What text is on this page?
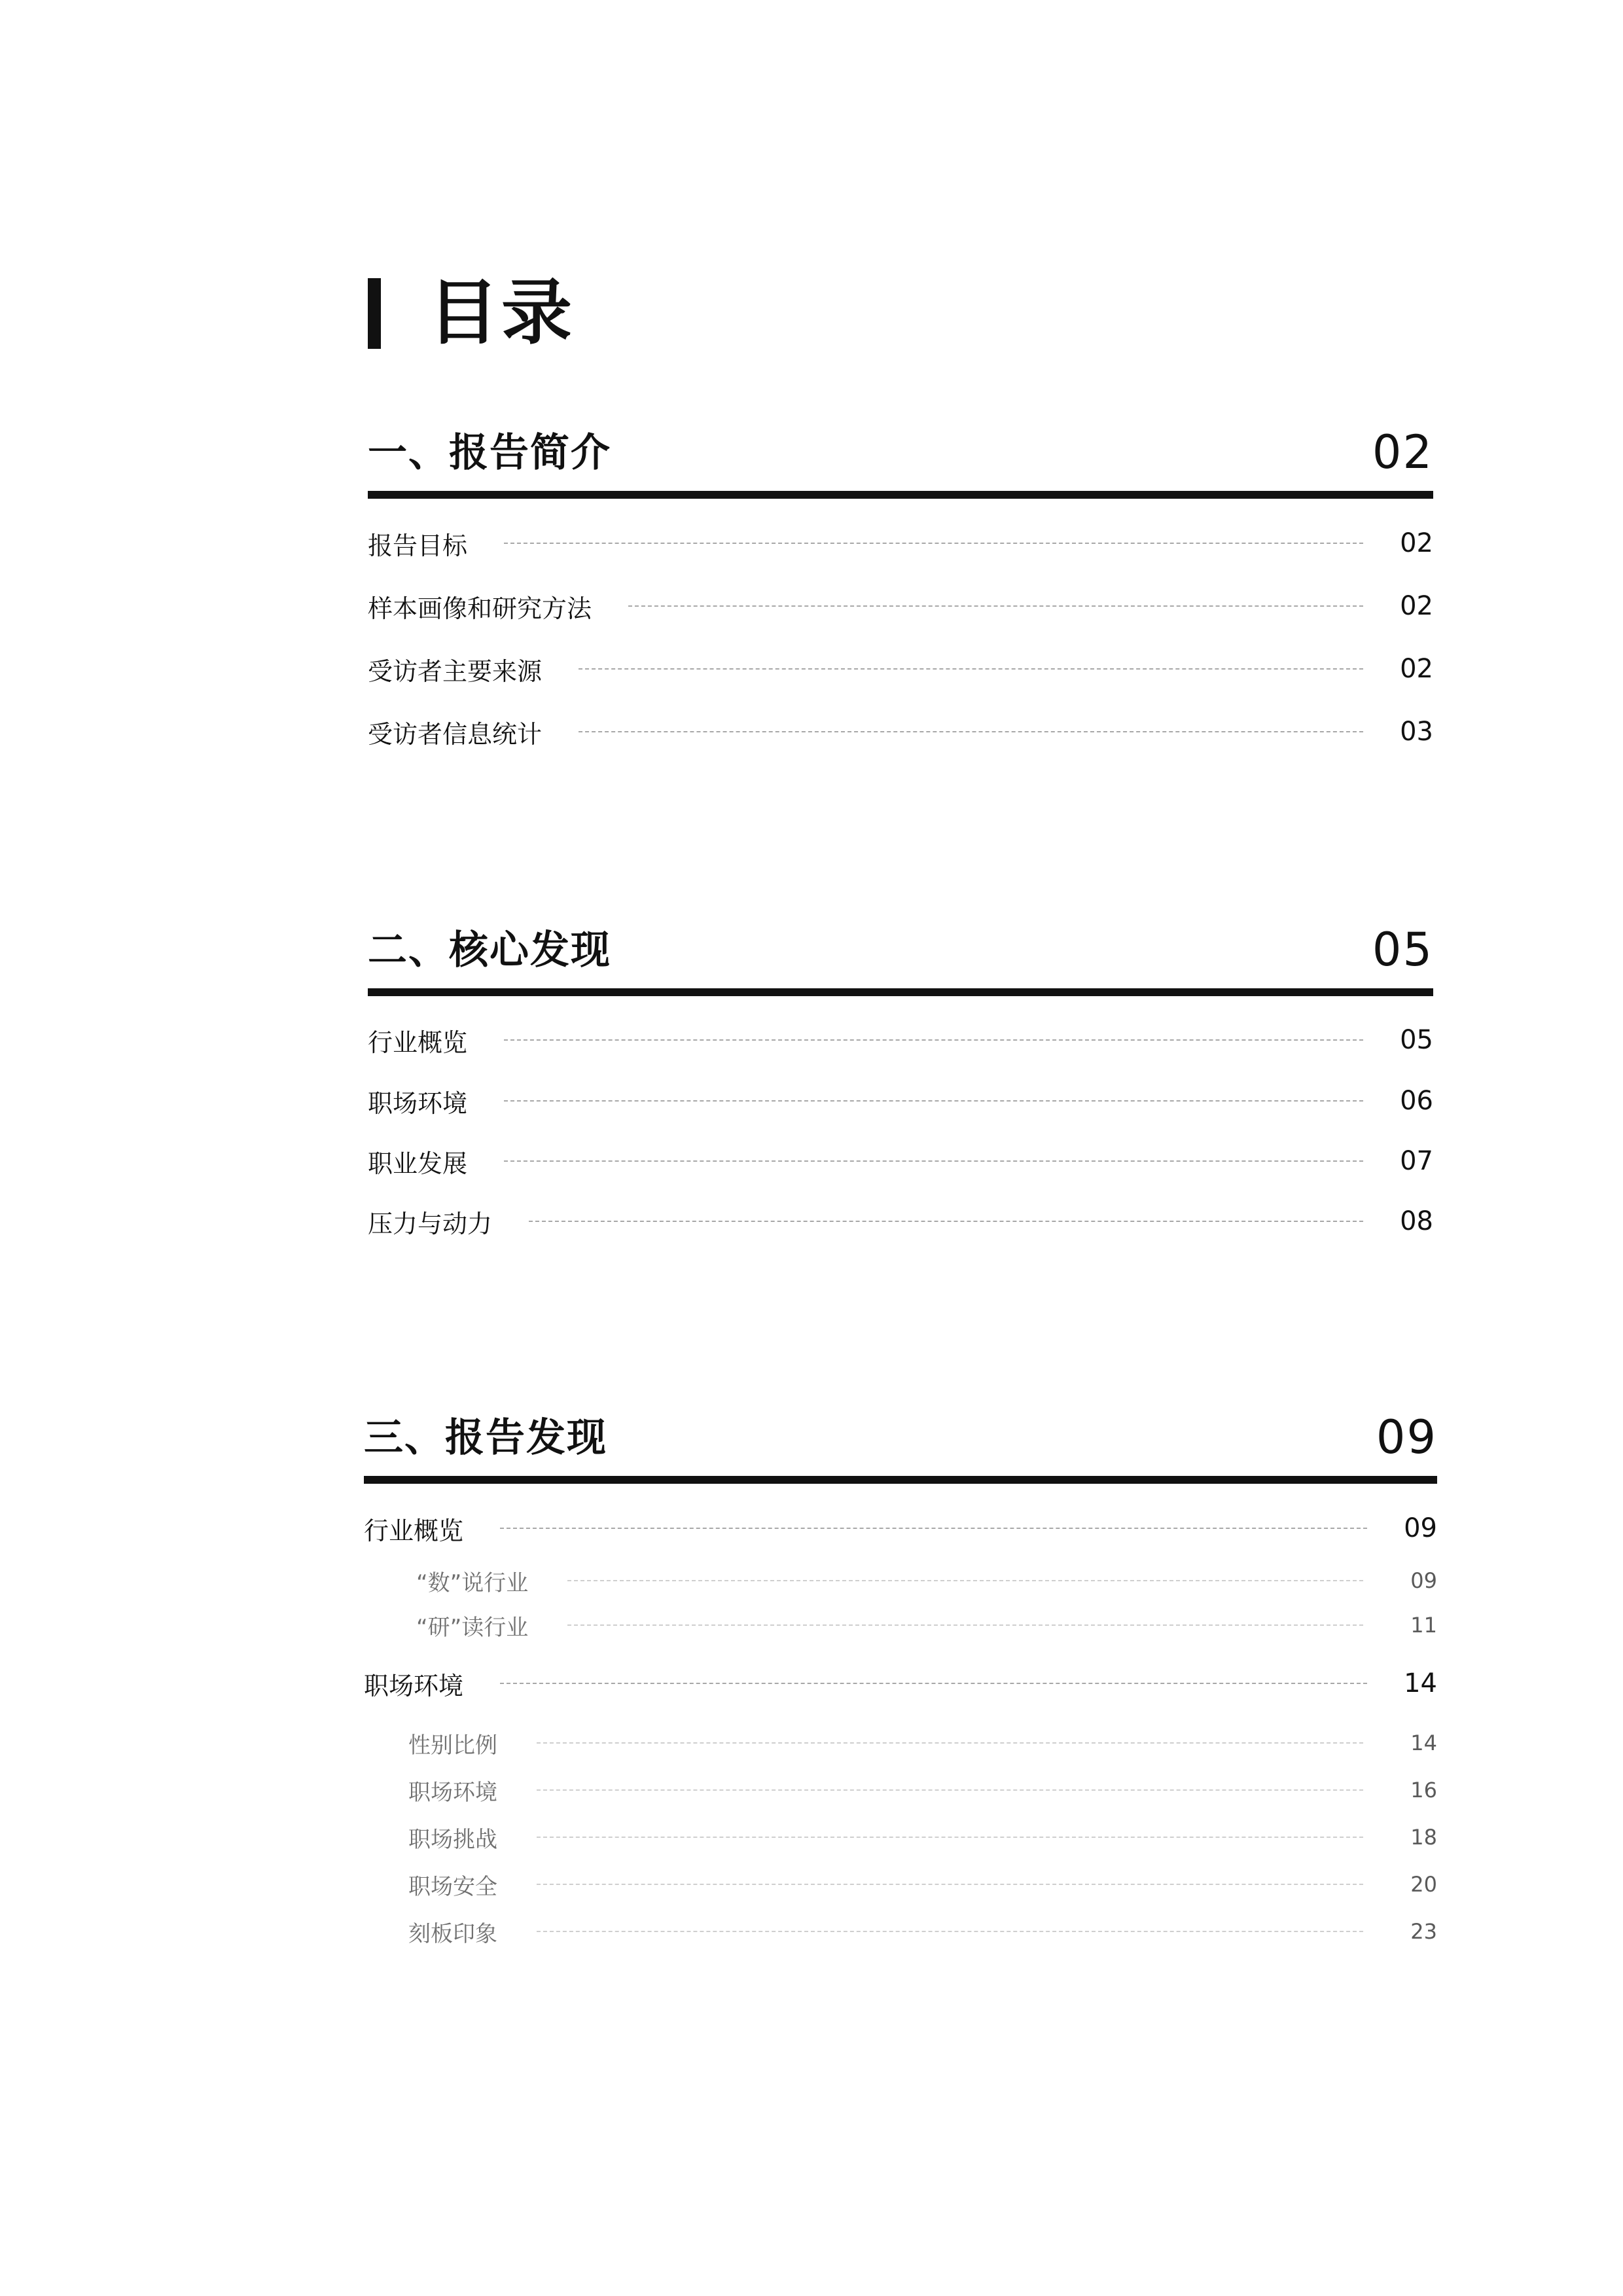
目录
一、报告简介	02
报告目标	02
样本画像和研究方法	02
受访者主要来源	02
受访者信息统计	03
二、核心发现	05
行业概览	05
职场环境	06
职业发展	07
压力与动力	08
三、报告发现	09
行业概览	09
“数”说行业	09
“研”读行业	11
职场环境	14
性别比例	14
职场环境	16
职场挑战	18
职场安全	20
刻板印象	23
